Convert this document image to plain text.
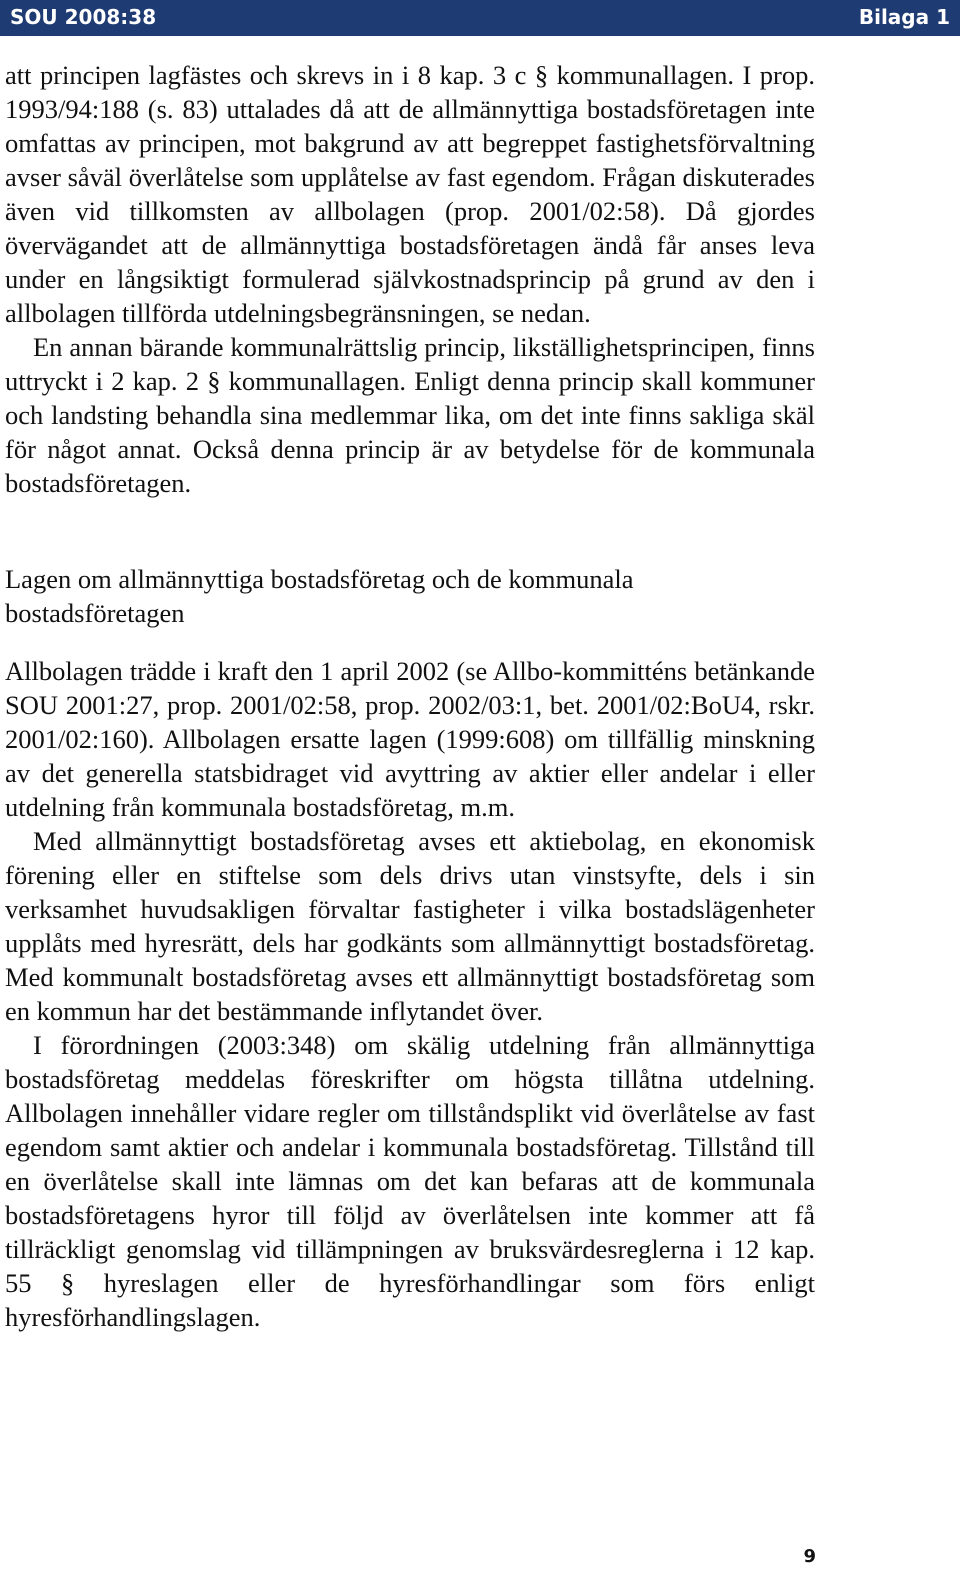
SOU 2008:38	Bilaga 1

att principen lagfästes och skrevs in i 8 kap. 3 c § kommunallagen. I prop. 1993/94:188 (s. 83) uttalades då att de allmännyttiga bostadsföretagen inte omfattas av principen, mot bakgrund av att begreppet fastighetsförvaltning avser såväl överlåtelse som upplåtelse av fast egendom. Frågan diskuterades även vid tillkomsten av allbolagen (prop. 2001/02:58). Då gjordes övervägandet att de allmännyttiga bostadsföretagen ändå får anses leva under en långsiktigt formulerad självkostnadsprincip på grund av den i allbolagen tillförda utdelningsbegränsningen, se nedan.

En annan bärande kommunalrättslig princip, likställighetsprincipen, finns uttryckt i 2 kap. 2 § kommunallagen. Enligt denna princip skall kommuner och landsting behandla sina medlemmar lika, om det inte finns sakliga skäl för något annat. Också denna princip är av betydelse för de kommunala bostadsföretagen.

Lagen om allmännyttiga bostadsföretag och de kommunala bostadsföretagen

Allbolagen trädde i kraft den 1 april 2002 (se Allbo-kommitténs betänkande SOU 2001:27, prop. 2001/02:58, prop. 2002/03:1, bet. 2001/02:BoU4, rskr. 2001/02:160). Allbolagen ersatte lagen (1999:608) om tillfällig minskning av det generella statsbidraget vid avyttring av aktier eller andelar i eller utdelning från kommunala bostadsföretag, m.m.

Med allmännyttigt bostadsföretag avses ett aktiebolag, en ekonomisk förening eller en stiftelse som dels drivs utan vinstsyfte, dels i sin verksamhet huvudsakligen förvaltar fastigheter i vilka bostadslägenheter upplåts med hyresrätt, dels har godkänts som allmännyttigt bostadsföretag. Med kommunalt bostadsföretag avses ett allmännyttigt bostadsföretag som en kommun har det bestämmande inflytandet över.

I förordningen (2003:348) om skälig utdelning från allmännyttiga bostadsföretag meddelas föreskrifter om högsta tillåtna utdelning. Allbolagen innehåller vidare regler om tillståndsplikt vid överlåtelse av fast egendom samt aktier och andelar i kommunala bostadsföretag. Tillstånd till en överlåtelse skall inte lämnas om det kan befaras att de kommunala bostadsföretagens hyror till följd av överlåtelsen inte kommer att få tillräckligt genomslag vid tillämpningen av bruksvärdesreglerna i 12 kap. 55 § hyreslagen eller de hyresförhandlingar som förs enligt hyresförhandlingslagen.

9
